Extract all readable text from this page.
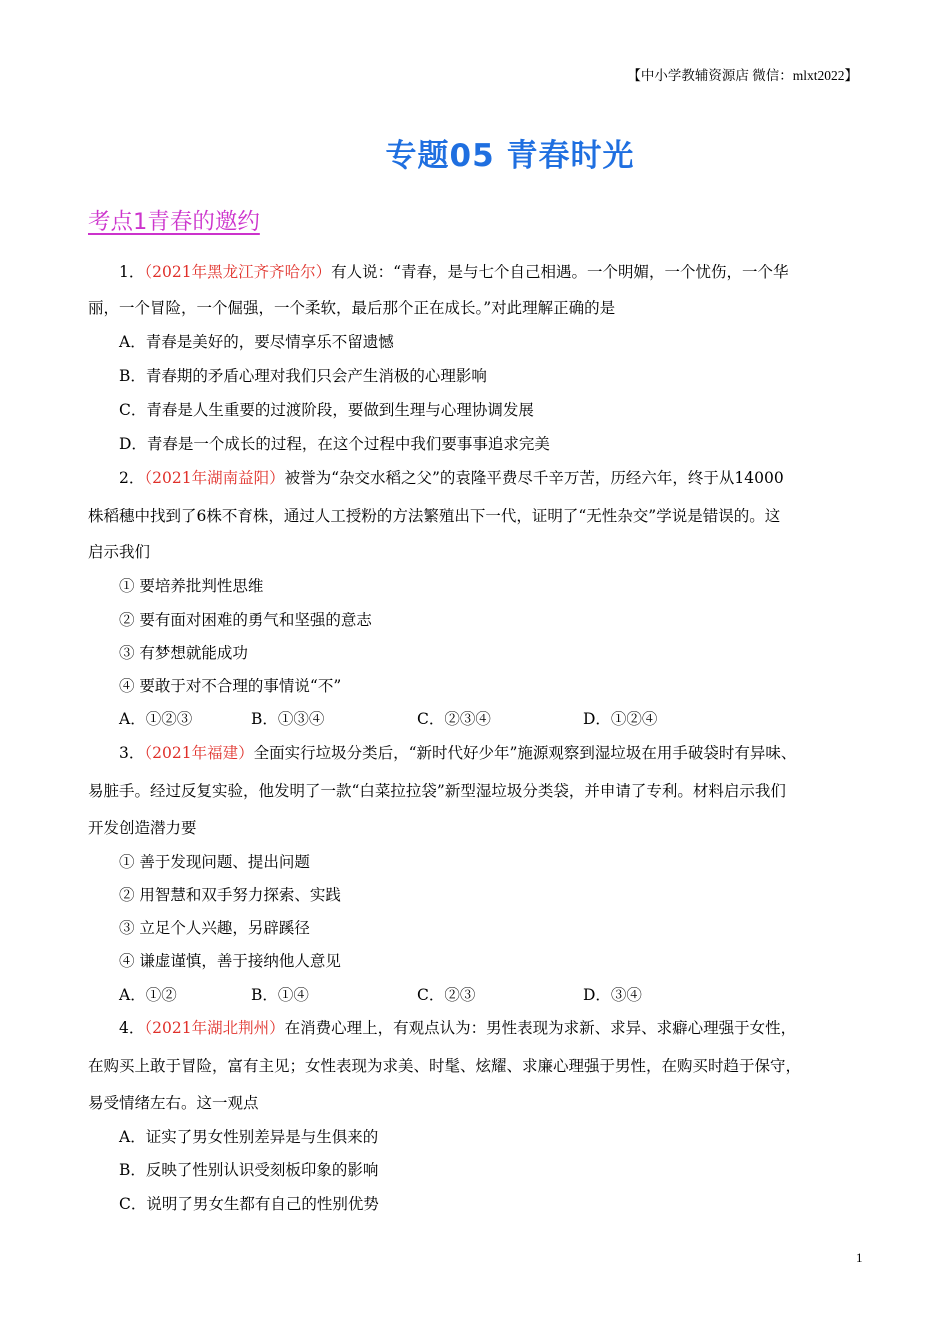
【中小学教辅资源店 微信：mlxt2022】
专题05 青春时光
考点1青春的邀约
1．（2021年黑龙江齐齐哈尔）有人说：“青春，是与七个自己相遇。一个明媚，一个忧伤，一个华
丽，一个冒险，一个倔强，一个柔软，最后那个正在成长。”对此理解正确的是
A．青春是美好的，要尽情享乐不留遗憾
B．青春期的矛盾心理对我们只会产生消极的心理影响
C．青春是人生重要的过渡阶段，要做到生理与心理协调发展
D．青春是一个成长的过程，在这个过程中我们要事事追求完美
2．（2021年湖南益阳）被誉为“杂交水稻之父”的袁隆平费尽千辛万苦，历经六年，终于从14000
株稻穗中找到了6株不育株，通过人工授粉的方法繁殖出下一代，证明了“无性杂交”学说是错误的。这
启示我们
① 要培养批判性思维
② 要有面对困难的勇气和坚强的意志
③ 有梦想就能成功
④ 要敢于对不合理的事情说“不”
A．①②③	B．①③④	C．②③④	D．①②④
3．（2021年福建）全面实行垃圾分类后，“新时代好少年”施源观察到湿垃圾在用手破袋时有异味、
易脏手。经过反复实验，他发明了一款“白菜拉拉袋”新型湿垃圾分类袋，并申请了专利。材料启示我们
开发创造潜力要
① 善于发现问题、提出问题
② 用智慧和双手努力探索、实践
③ 立足个人兴趣，另辟蹊径
④ 谦虚谨慎，善于接纳他人意见
A．①②	B．①④	C．②③	D．③④
4．（2021年湖北荆州）在消费心理上，有观点认为：男性表现为求新、求异、求癖心理强于女性，
在购买上敢于冒险，富有主见；女性表现为求美、时髦、炫耀、求廉心理强于男性，在购买时趋于保守，
易受情绪左右。这一观点
A．证实了男女性别差异是与生俱来的
B．反映了性别认识受刻板印象的影响
C．说明了男女生都有自己的性别优势
1
